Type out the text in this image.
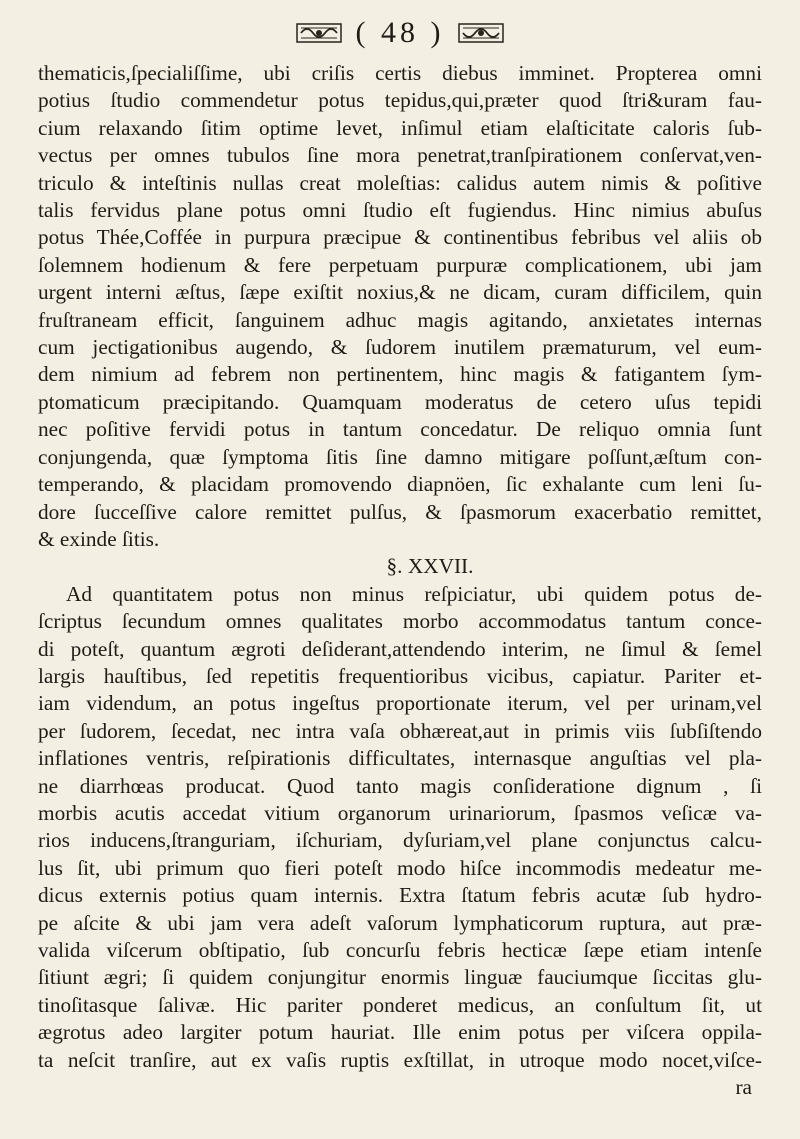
( 48 )
thematicis,ſpecialiſſime, ubi criſis certis diebus imminet. Propterea omni
potius ſtudio commendetur potus tepidus,qui,præter quod ſtri&uram fau-
cium relaxando ſitim optime levet, inſimul etiam elaſticitate caloris ſub-
vectus per omnes tubulos ſine mora penetrat,tranſpirationem conſervat,ven-
triculo & inteſtinis nullas creat moleſtias: calidus autem nimis & poſitive
talis fervidus plane potus omni ſtudio eſt fugiendus. Hinc nimius abuſus
potus Thée,Coffée in purpura præcipue & continentibus febribus vel aliis ob
ſolemnem hodienum & fere perpetuam purpuræ complicationem, ubi jam
urgent interni æſtus, ſæpe exiſtit noxius,& ne dicam, curam difficilem, quin
fruſtraneam efficit, ſanguinem adhuc magis agitando, anxietates internas
cum jectigationibus augendo, & ſudorem inutilem præmaturum, vel eum-
dem nimium ad febrem non pertinentem, hinc magis & fatigantem ſym-
ptomaticum præcipitando. Quamquam moderatus de cetero uſus tepidi
nec poſitive fervidi potus in tantum concedatur. De reliquo omnia ſunt
conjungenda, quæ ſymptoma ſitis ſine damno mitigare poſſunt,æſtum con-
temperando, & placidam promovendo diapnöen, ſic exhalante cum leni ſu-
dore ſucceſſive calore remittet pulſus, & ſpasmorum exacerbatio remittet,
& exinde ſitis.
§. XXVII.
Ad quantitatem potus non minus reſpiciatur, ubi quidem potus de-
ſcriptus ſecundum omnes qualitates morbo accommodatus tantum conce-
di poteſt, quantum ægroti deſiderant,attendendo interim, ne ſimul & ſemel
largis hauſtibus, ſed repetitis frequentioribus vicibus, capiatur. Pariter et-
iam videndum, an potus ingeſtus proportionate iterum, vel per urinam,vel
per ſudorem, ſecedat, nec intra vaſa obhæreat,aut in primis viis ſubſiſtendo
inflationes ventris, reſpirationis difficultates, internasque anguſtias vel pla-
ne diarrhœas producat. Quod tanto magis conſideratione dignum , ſi
morbis acutis accedat vitium organorum urinariorum, ſpasmos veſicæ va-
rios inducens,ſtranguriam, iſchuriam, dyſuriam,vel plane conjunctus calcu-
lus ſit, ubi primum quo fieri poteſt modo hiſce incommodis medeatur me-
dicus externis potius quam internis. Extra ſtatum febris acutæ ſub hydro-
pe aſcite & ubi jam vera adeſt vaſorum lymphaticorum ruptura, aut præ-
valida viſcerum obſtipatio, ſub concurſu febris hecticæ ſæpe etiam intenſe
ſitiunt ægri; ſi quidem conjungitur enormis linguæ fauciumque ſiccitas glu-
tinoſitasque ſalivæ. Hic pariter ponderet medicus, an conſultum ſit, ut
ægrotus adeo largiter potum hauriat. Ille enim potus per viſcera oppila-
ta neſcit tranſire, aut ex vaſis ruptis exſtillat, in utroque modo nocet,viſce-
ra
